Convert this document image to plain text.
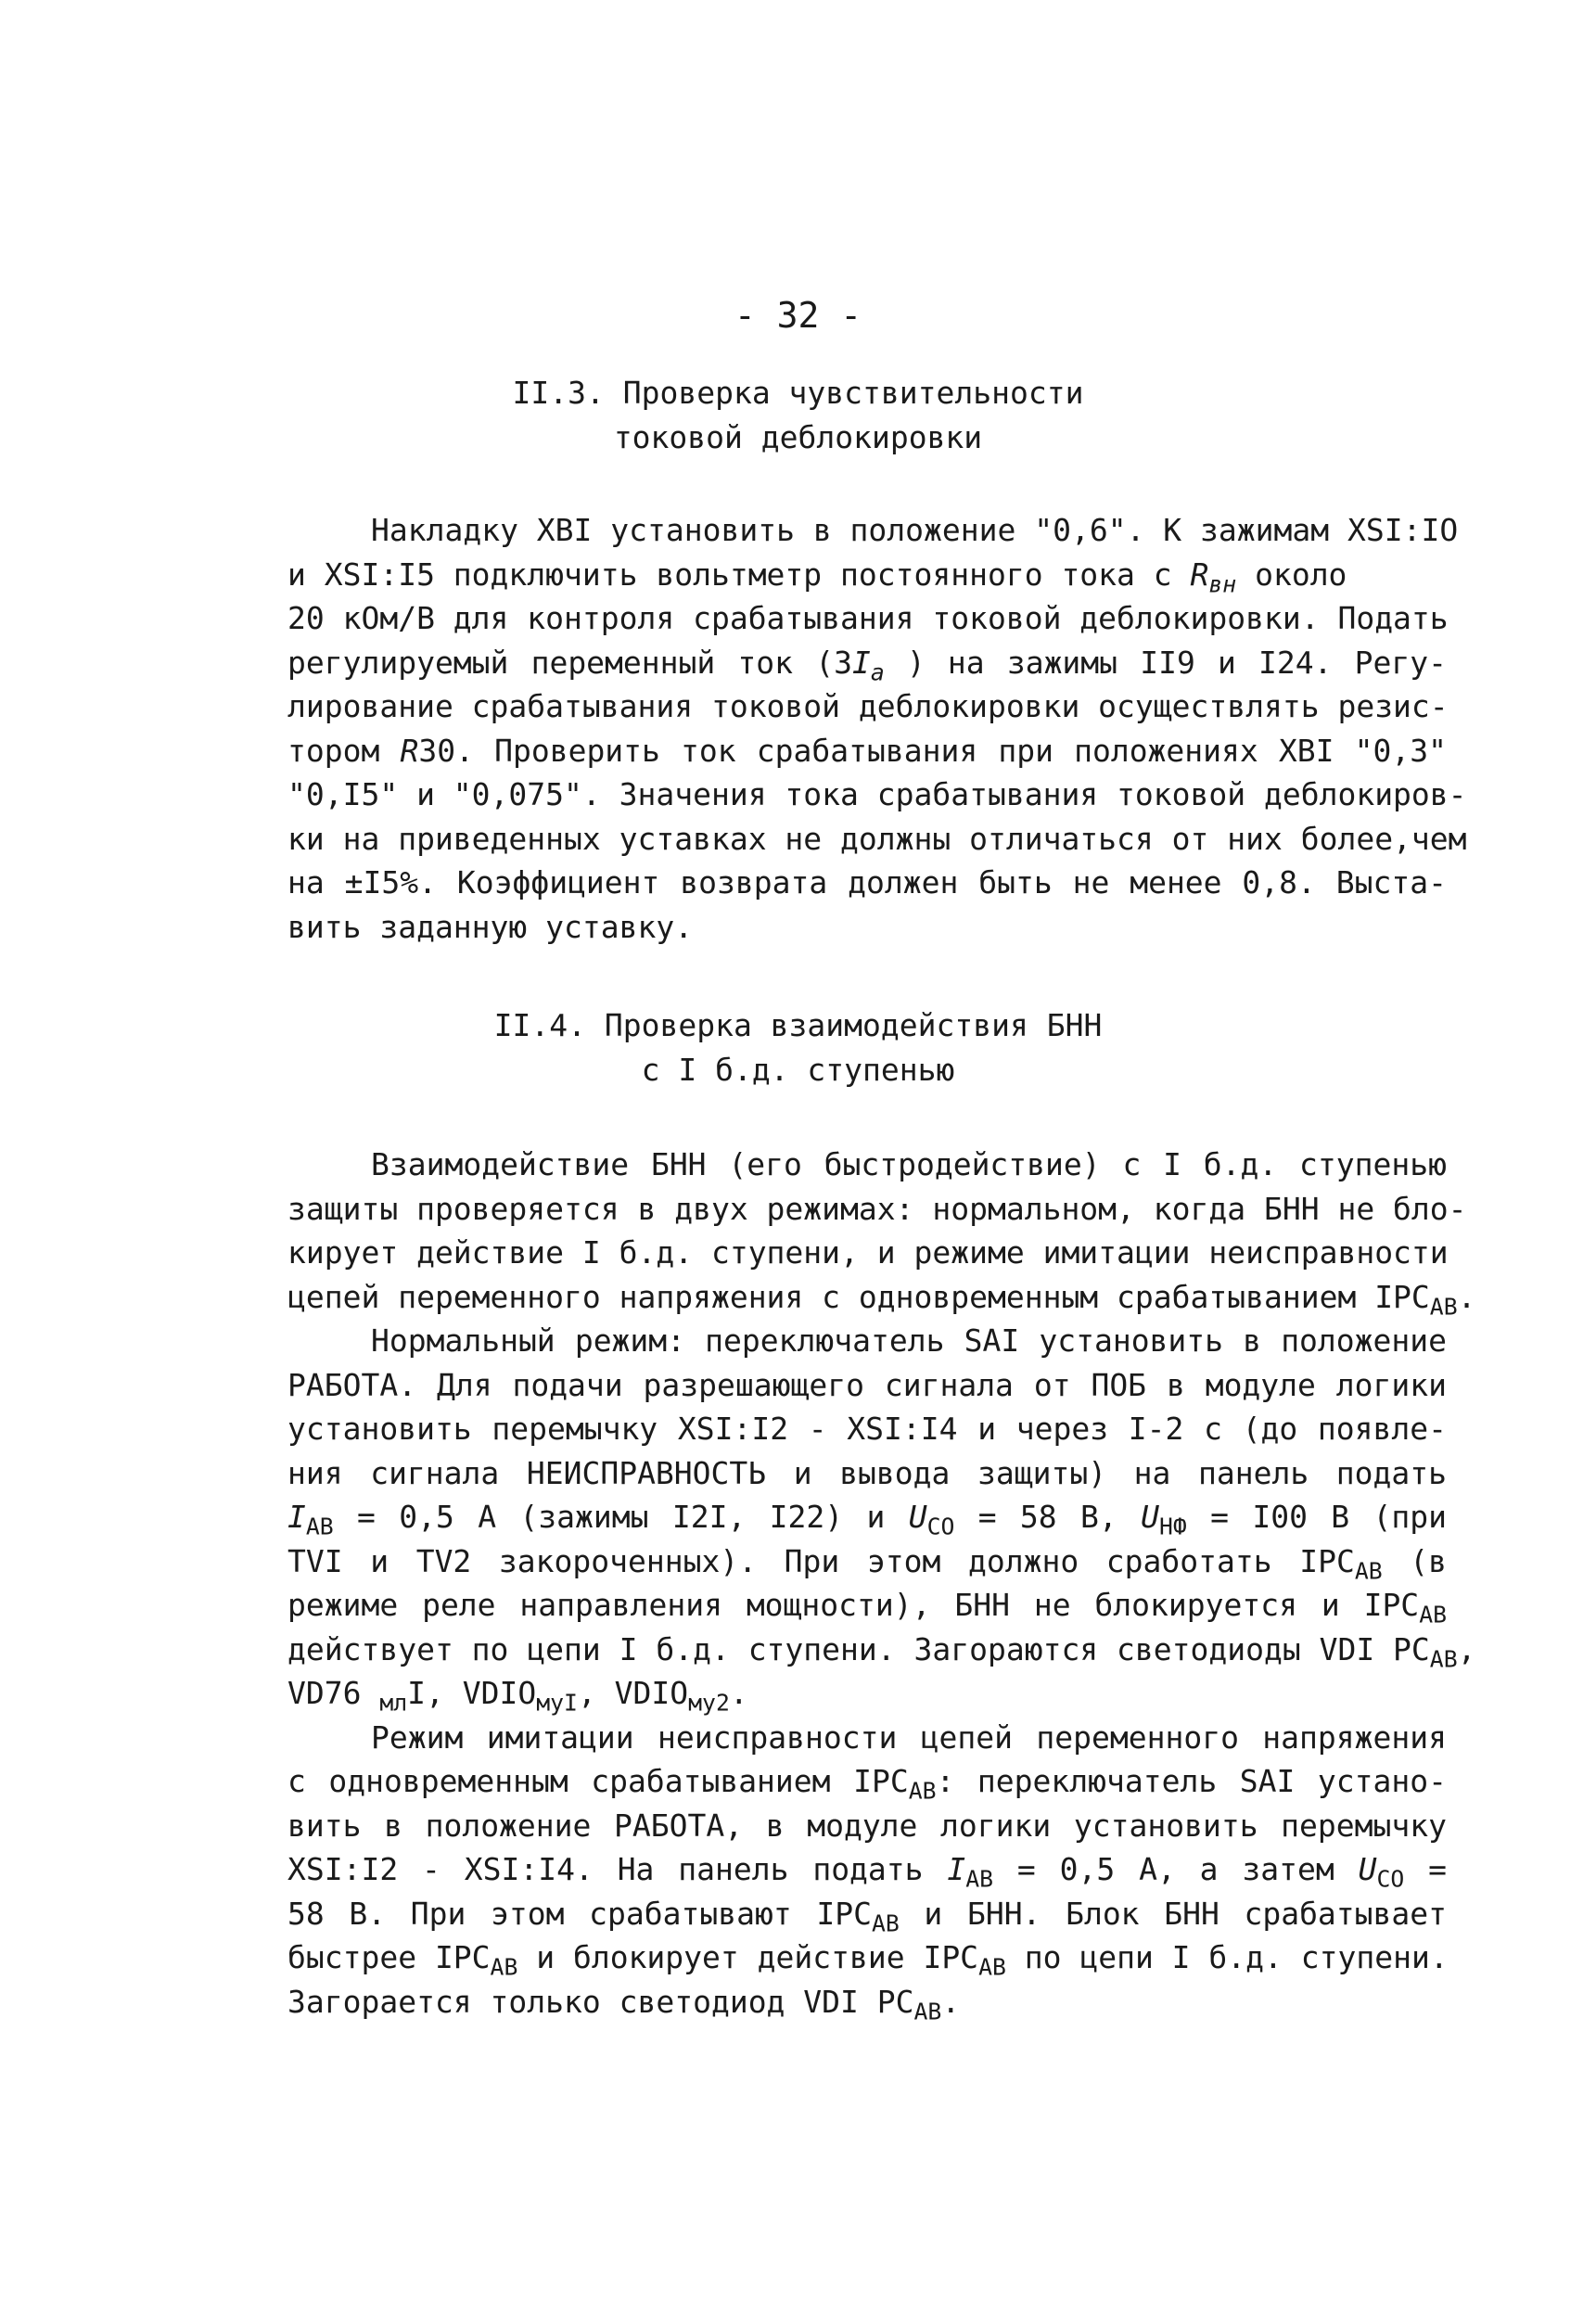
- 32 -
II.3. Проверка чувствительности
токовой деблокировки
Накладку XBI установить в положение "0,6". К зажимам XSI:IO
и XSI:I5 подключить вольтметр постоянного тока с $R_{вн}$ около
20 кОм/В для контроля срабатывания токовой деблокировки. Подать
регулируемый переменный ток ($3I_a$ ) на зажимы II9 и I24. Регу-
лирование срабатывания токовой деблокировки осуществлять резис-
тором R30. Проверить ток срабатывания при положениях XBI "0,3"
"0,I5" и "0,075". Значения тока срабатывания токовой деблокиров-
ки на приведенных уставках не должны отличаться от них более,чем
на ±I5%. Коэффициент возврата должен быть не менее 0,8. Выста-
вить заданную уставку.
II.4. Проверка взаимодействия БНН
с I б.д. ступенью
Взаимодействие БНН (его быстродействие) с I б.д. ступенью
защиты проверяется в двух режимах: нормальном, когда БНН не бло-
кирует действие I б.д. ступени, и режиме имитации неисправности
цепей переменного напряжения с одновременным срабатыванием $IPC_{AB}$.
Нормальный режим: переключатель SAI установить в положение
РАБОТА. Для подачи разрешающего сигнала от ПОБ в модуле логики
установить перемычку XSI:I2 - XSI:I4 и через I-2 с (до появле-
ния сигнала НЕИСПРАВНОСТЬ и вывода защиты) на панель подать
$I_{AB} = 0,5$ А (зажимы I2I, I22) и $U_{CO} = 58$ В, $U_{НФ} = I00$ В (при
TVI и TV2 закороченных). При этом должно сработать $IPC_{AB}$ (в
режиме реле направления мощности), БНН не блокируется и $IPC_{AB}$
действует по цепи I б.д. ступени. Загораются светодиоды VDI $PC_{AB}$,
VD76 $_{мл}$I, $VDIO_{мyI}$, $VDIO_{мy2}$.
Режим имитации неисправности цепей переменного напряжения
с одновременным срабатыванием $IPC_{AB}$: переключатель SAI устано-
вить в положение РАБОТА, в модуле логики установить перемычку
XSI:I2 - XSI:I4. На панель подать $I_{AB} = 0,5$ А, а затем $U_{CO}$ =
58 В. При этом срабатывают $IPC_{AB}$ и БНН. Блок БНН срабатывает
быстрее $IPC_{AB}$ и блокирует действие $IPC_{AB}$ по цепи I б.д. ступени.
Загорается только светодиод VDI $PC_{AB}$.
